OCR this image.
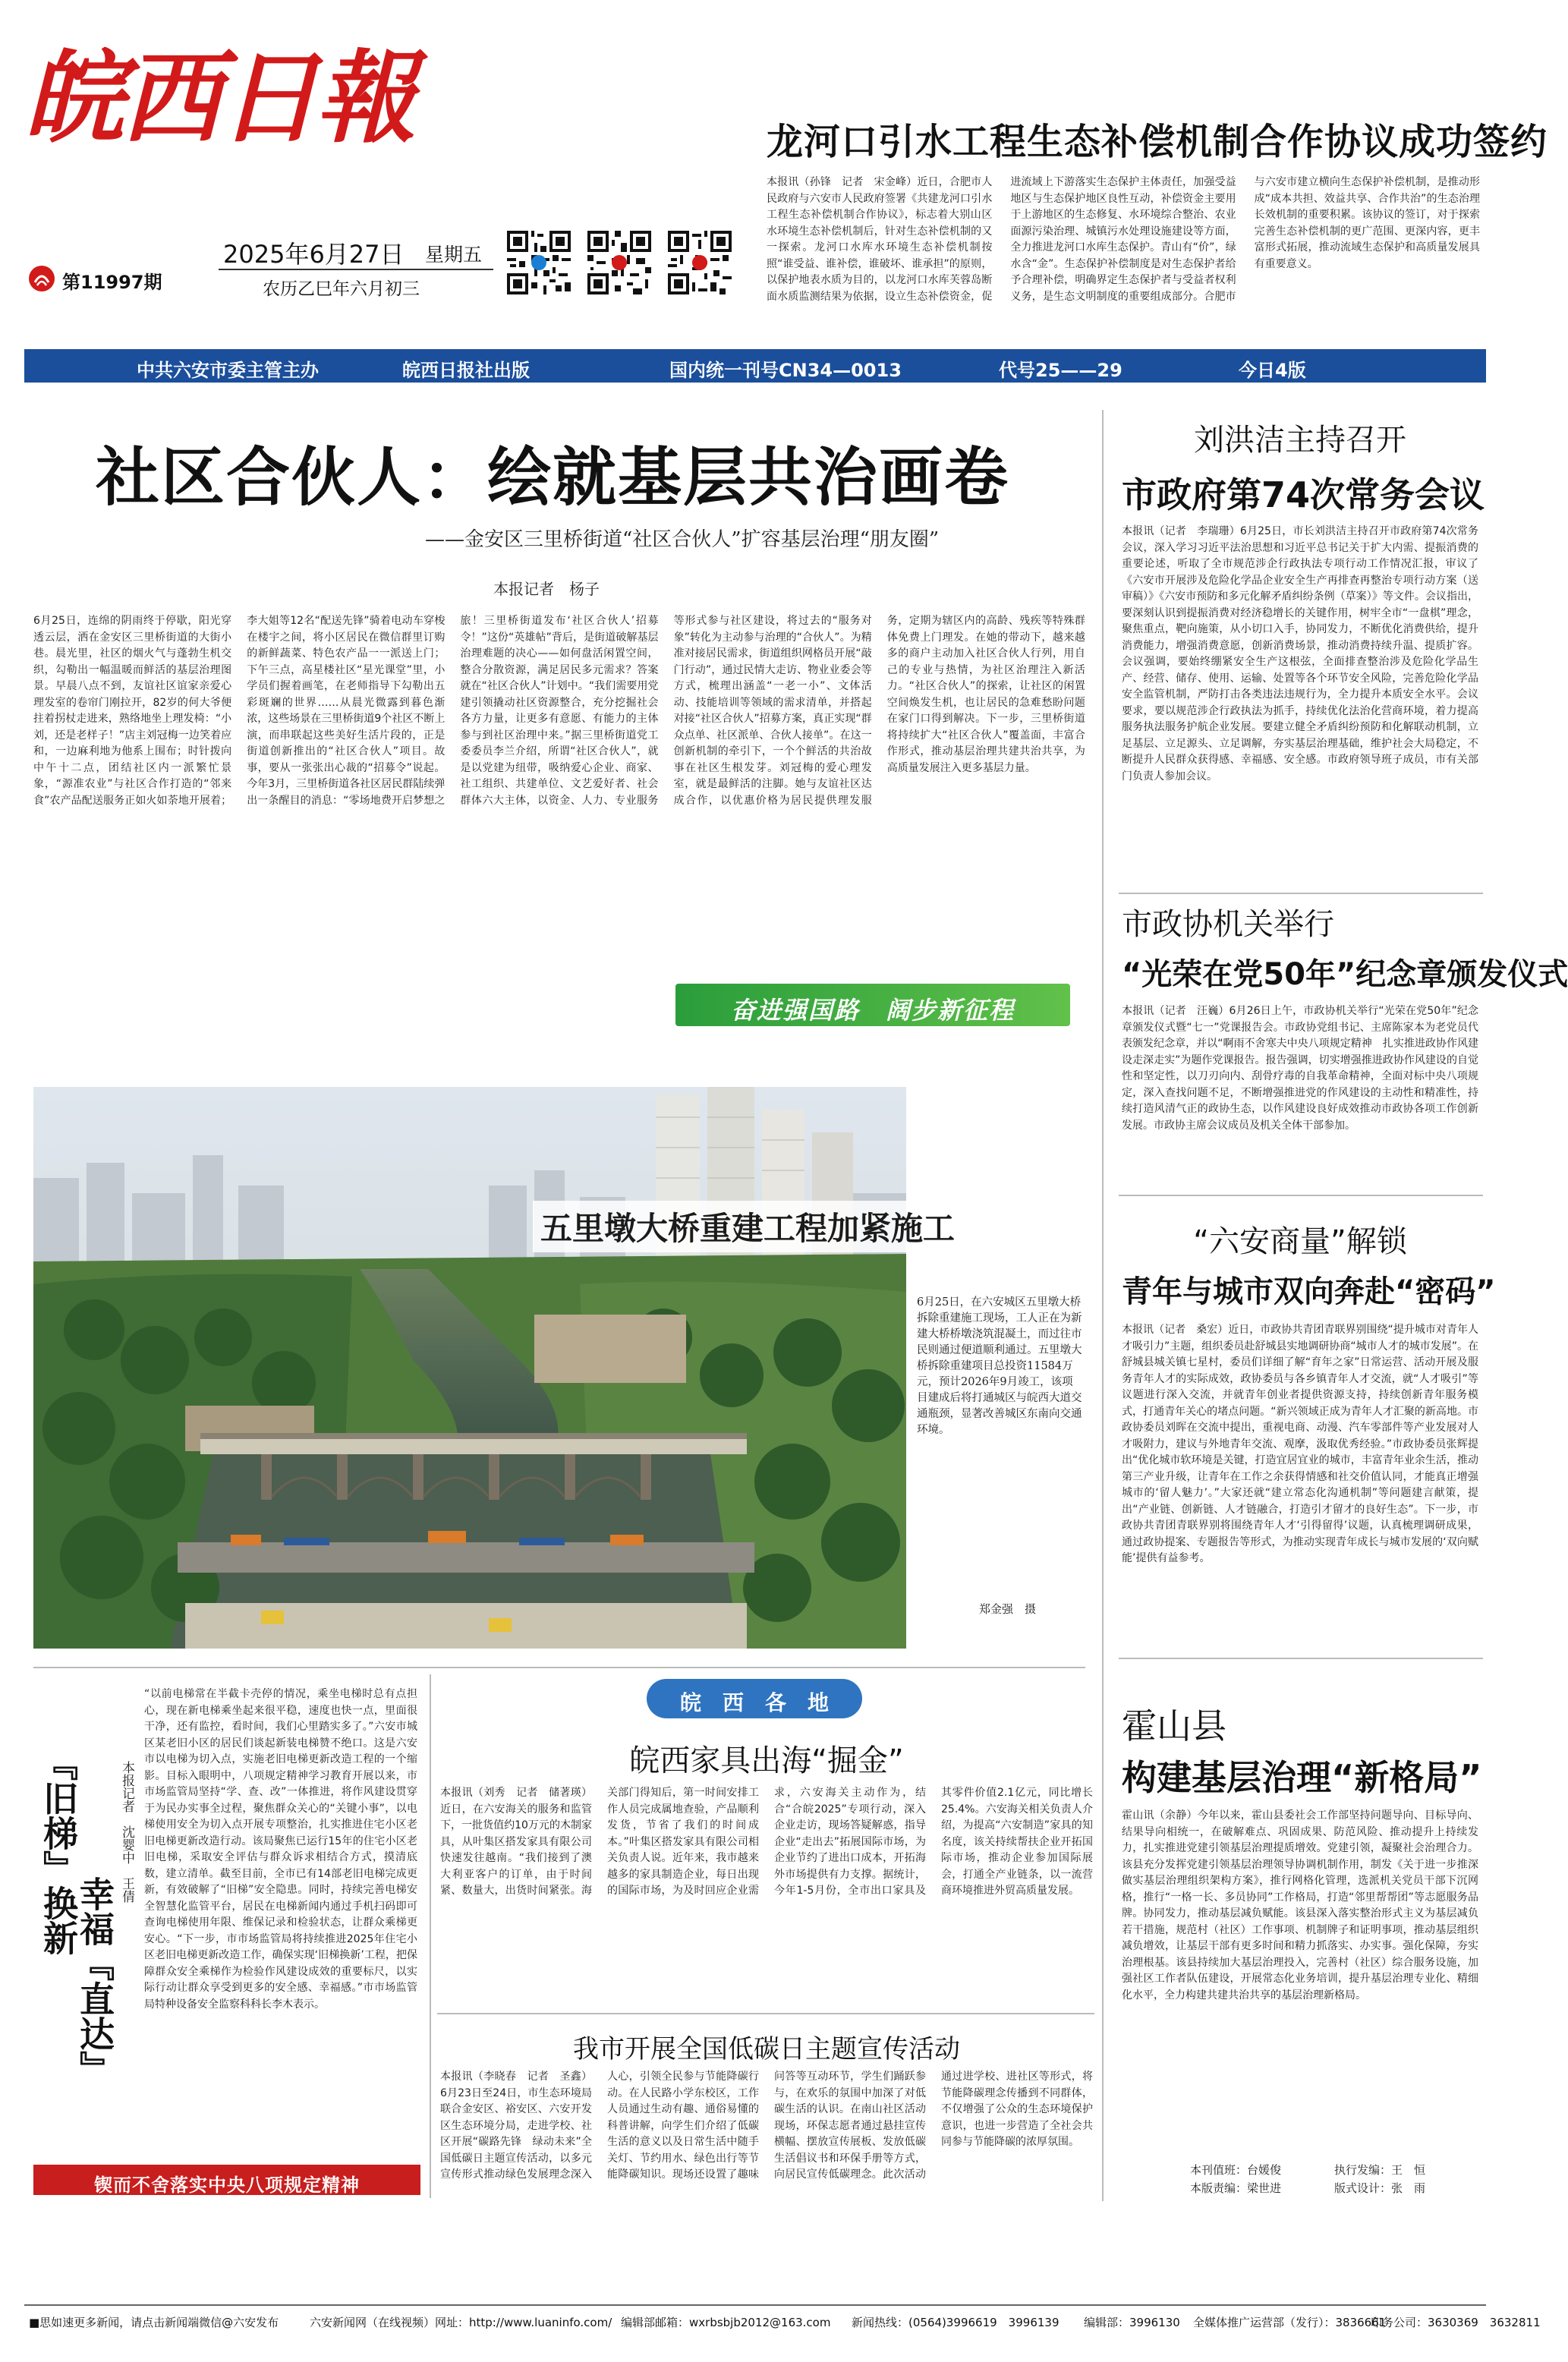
皖西日報
第11997期
2025年6月27日 星期五
农历乙巳年六月初三
龙河口引水工程生态补偿机制合作协议成功签约
本报讯（孙锋　记者　宋金峰）近日，合肥市人民政府与六安市人民政府签署《共建龙河口引水工程生态补偿机制合作协议》，标志着大别山区水环境生态补偿机制后，针对生态补偿机制的又一探索。龙河口水库水环境生态补偿机制按照“谁受益、谁补偿，谁破坏、谁承担”的原则，以保护地表水质为目的，以龙河口水库芙蓉岛断面水质监测结果为依据，设立生态补偿资金，促进流域上下游落实生态保护主体责任，加强受益地区与生态保护地区良性互动，补偿资金主要用于上游地区的生态修复、水环境综合整治、农业面源污染治理、城镇污水处理设施建设等方面，全力推进龙河口水库生态保护。青山有“价”，绿水含“金”。生态保护补偿制度是对生态保护者给予合理补偿，明确界定生态保护者与受益者权利义务，是生态文明制度的重要组成部分。合肥市与六安市建立横向生态保护补偿机制，是推动形成“成本共担、效益共享、合作共治”的生态治理长效机制的重要积累。该协议的签订，对于探索完善生态补偿机制的更广范围、更深内容，更丰富形式拓展，推动流域生态保护和高质量发展具有重要意义。
中共六安市委主管主办	皖西日报社出版	国内统一刊号CN34—0013	代号25——29	今日4版
社区合伙人：绘就基层共治画卷
——金安区三里桥街道“社区合伙人”扩容基层治理“朋友圈”
本报记者　杨子
6月25日，连绵的阴雨终于停歇，阳光穿透云层，洒在金安区三里桥街道的大街小巷。晨光里，社区的烟火气与蓬勃生机交织，勾勒出一幅温暖而鲜活的基层治理图景。早晨八点不到，友谊社区谊家亲爱心理发室的卷帘门刚拉开，82岁的何大爷便拄着拐杖走进来，熟络地坐上理发椅：“小刘，还是老样子！”店主刘冠梅一边笑着应和，一边麻利地为他系上围布；时针拨向中午十二点，团结社区内一派繁忙景象，“源准农业”与社区合作打造的“邻来食”农产品配送服务正如火如荼地开展着；李大姐等12名“配送先锋”骑着电动车穿梭在楼宇之间，将小区居民在微信群里订购的新鲜蔬菜、特色农产品一一派送上门；下午三点，高星楼社区“星光课堂”里，小学员们握着画笔，在老师指导下勾勒出五彩斑斓的世界……从晨光微露到暮色渐浓，这些场景在三里桥街道9个社区不断上演，而串联起这些美好生活片段的，正是街道创新推出的“社区合伙人”项目。故事，要从一张张出心裁的“招募令”说起。今年3月，三里桥街道各社区居民群陆续弹出一条醒目的消息：“零场地费开启梦想之旅！三里桥街道发布‘社区合伙人’招募令！”这份“英雄帖”背后，是街道破解基层治理难题的决心——如何盘活闲置空间，整合分散资源，满足居民多元需求？答案就在“社区合伙人”计划中。“我们需要用党建引领撬动社区资源整合，充分挖掘社会各方力量，让更多有意愿、有能力的主体参与到社区治理中来。”据三里桥街道党工委委员李兰介绍，所谓“社区合伙人”，就是以党建为纽带，吸纳爱心企业、商家、社工组织、共建单位、文艺爱好者、社会群体六大主体，以资金、人力、专业服务等形式参与社区建设，将过去的“服务对象”转化为主动参与治理的“合伙人”。为精准对接居民需求，街道组织网格员开展“敲门行动”，通过民情大走访、物业业委会等方式，梳理出涵盖“一老一小”、文体活动、技能培训等领域的需求清单，并搭起对接“社区合伙人”招募方案，真正实现“群众点单、社区派单、合伙人接单”。在这一创新机制的牵引下，一个个鲜活的共治故事在社区生根发芽。刘冠梅的爱心理发室，就是最鲜活的注脚。她与友谊社区达成合作，以优惠价格为居民提供理发服务，定期为辖区内的高龄、残疾等特殊群体免费上门理发。在她的带动下，越来越多的商户主动加入社区合伙人行列，用自己的专业与热情，为社区治理注入新活力。“社区合伙人”的探索，让社区的闲置空间焕发生机，也让居民的急难愁盼问题在家门口得到解决。下一步，三里桥街道将持续扩大“社区合伙人”覆盖面，丰富合作形式，推动基层治理共建共治共享，为高质量发展注入更多基层力量。
奋进强国路　阔步新征程
五里墩大桥重建工程加紧施工
6月25日，在六安城区五里墩大桥拆除重建施工现场，工人正在为新建大桥桥墩浇筑混凝土，而过往市民则通过便道顺利通过。五里墩大桥拆除重建项目总投资11584万元，预计2026年9月竣工，该项目建成后将打通城区与皖西大道交通瓶颈，显著改善城区东南向交通环境。
郑金强　摄
刘洪洁主持召开
市政府第74次常务会议
本报讯（记者　李瑞珊）6月25日，市长刘洪洁主持召开市政府第74次常务会议，深入学习习近平法治思想和习近平总书记关于扩大内需、提振消费的重要论述，听取了全市规范涉企行政执法专项行动工作情况汇报，审议了《六安市开展涉及危险化学品企业安全生产再排查再整治专项行动方案（送审稿）》《六安市预防和多元化解矛盾纠纷条例（草案）》等文件。会议指出，要深刻认识到提振消费对经济稳增长的关键作用，树牢全市“一盘棋”理念，聚焦重点，靶向施策，从小切口入手，协同发力，不断优化消费供给，提升消费能力，增强消费意愿，创新消费场景，推动消费持续升温、提质扩容。会议强调，要始终绷紧安全生产这根弦，全面排查整治涉及危险化学品生产、经营、储存、使用、运输、处置等各个环节安全风险，完善危险化学品安全监管机制，严防打击各类违法违规行为，全力提升本质安全水平。会议要求，要以规范涉企行政执法为抓手，持续优化法治化营商环境，着力提高服务执法服务护航企业发展。要建立健全矛盾纠纷预防和化解联动机制，立足基层、立足源头、立足调解，夯实基层治理基础，维护社会大局稳定，不断提升人民群众获得感、幸福感、安全感。市政府领导班子成员，市有关部门负责人参加会议。
市政协机关举行
“光荣在党50年”纪念章颁发仪式
本报讯（记者　汪巍）6月26日上午，市政协机关举行“光荣在党50年”纪念章颁发仪式暨“七一”党课报告会。市政协党组书记、主席陈家本为老党员代表颁发纪念章，并以“啊雨不舍寒夫中央八项规定精神　扎实推进政协作风建设走深走实”为题作党课报告。报告强调，切实增强推进政协作风建设的自觉性和坚定性，以刀刃向内、刮骨疗毒的自我革命精神，全面对标中央八项规定，深入查找问题不足，不断增强推进党的作风建设的主动性和精准性，持续打造风清气正的政协生态，以作风建设良好成效推动市政协各项工作创新发展。市政协主席会议成员及机关全体干部参加。
“六安商量”解锁
青年与城市双向奔赴“密码”
本报讯（记者　桑宏）近日，市政协共青团青联界别围绕“提升城市对青年人才吸引力”主题，组织委员赴舒城县实地调研协商“城市人才的城市发展”。在舒城县城关镇七星村，委员们详细了解“育年之家”日常运营、活动开展及服务青年人才的实际成效，政协委员与各乡镇青年人才交流，就“人才吸引”等议题进行深入交流，并就青年创业者提供资源支持，持续创新青年服务模式，打通青年关心的堵点问题。“新兴领域正成为青年人才汇聚的新高地。市政协委员刘晖在交流中提出，重视电商、动漫、汽车零部件等产业发展对人才吸附力，建议与外地青年交流、观摩，汲取优秀经验。”市政协委员张辉提出“优化城市软环境是关键，打造宜居宜业的城市，丰富青年业余生活，推动第三产业升级，让青年在工作之余获得情感和社交价值认同，才能真正增强城市的‘留人魅力’。”大家还就“建立常态化沟通机制”等问题建言献策，提出“产业链、创新链、人才链融合，打造引才留才的良好生态”。下一步，市政协共青团青联界别将围绕青年人才‘引得留得’议题，认真梳理调研成果，通过政协提案、专题报告等形式，为推动实现青年成长与城市发展的‘双向赋能’提供有益参考。
霍山县
构建基层治理“新格局”
霍山讯（余静）今年以来，霍山县委社会工作部坚持问题导向、目标导向、结果导向相统一，在破解难点、巩固成果、防范风险、推动提升上持续发力，扎实推进党建引领基层治理提质增效。党建引领，凝聚社会治理合力。该县充分发挥党建引领基层治理领导协调机制作用，制发《关于进一步推深做实基层治理组织架构方案》，推行网格化管理，选派机关党员干部下沉网格，推行“一格一长、多员协同”工作格局，打造“邻里帮帮团”等志愿服务品牌。协同发力，推动基层减负赋能。该县深入落实整治形式主义为基层减负若干措施，规范村（社区）工作事项、机制牌子和证明事项，推动基层组织减负增效，让基层干部有更多时间和精力抓落实、办实事。强化保障，夯实治理根基。该县持续加大基层治理投入，完善村（社区）综合服务设施，加强社区工作者队伍建设，开展常态化业务培训，提升基层治理专业化、精细化水平，全力构建共建共治共享的基层治理新格局。
本刊值班：台媛俊
本版责编：梁世进
执行发编：王　恒
版式设计：张　雨
『旧梯』换新
幸福『直达』
本报记者　沈婴中　王倩
“以前电梯常在半截卡壳停的情况，乘坐电梯时总有点担心，现在新电梯乘坐起来很平稳，速度也快一点，里面很干净，还有监控，看时间，我们心里踏实多了。”六安市城区某老旧小区的居民们谈起新装电梯赞不绝口。这是六安市以电梯为切入点，实施老旧电梯更新改造工程的一个缩影。目标入眼明中，八项规定精神学习教育开展以来，市市场监管局坚持“学、查、改”一体推进，将作风建设贯穿于为民办实事全过程，聚焦群众关心的“关键小事”，以电梯使用安全为切入点开展专项整治，扎实推进住宅小区老旧电梯更新改造行动。该局聚焦已运行15年的住宅小区老旧电梯，采取安全评估与群众诉求相结合方式，摸清底数，建立清单。截至目前，全市已有14部老旧电梯完成更新，有效破解了“旧梯”安全隐患。同时，持续完善电梯安全智慧化监管平台，居民在电梯新闻内通过手机扫码即可查询电梯使用年限、维保记录和检验状态，让群众乘梯更安心。“下一步，市市场监管局将持续推进2025年住宅小区老旧电梯更新改造工作，确保实现‘旧梯换新’工程，把保障群众安全乘梯作为检验作风建设成效的重要标尺，以实际行动让群众享受到更多的安全感、幸福感。”市市场监管局特种设备安全监察科科长李木表示。
锲而不舍落实中央八项规定精神
皖　西　各　地
皖西家具出海“掘金”
本报讯（刘秀　记者　储著瑛）近日，在六安海关的服务和监管下，一批货值约10万元的木制家具，从叶集区搭发家具有限公司快速发往越南。“我们接到了澳大利亚客户的订单，由于时间紧、数量大，出货时间紧张。海关部门得知后，第一时间安排工作人员完成属地查验，产品顺利发货，节省了我们的时间成本。”叶集区搭发家具有限公司相关负责人说。近年来，我市越来越多的家具制造企业，每日出现的国际市场，为及时回应企业需求，六安海关主动作为，结合“合皖2025”专项行动，深入企业走访，现场答疑解惑，指导企业“走出去”拓展国际市场，为企业节约了进出口成本，开拓海外市场提供有力支撑。据统计，今年1-5月份，全市出口家具及其零件价值2.1亿元，同比增长25.4%。六安海关相关负责人介绍，为提高“六安制造”家具的知名度，该关持续帮扶企业开拓国际市场，推动企业参加国际展会，打通全产业链条，以一流营商环境推进外贸高质量发展。
我市开展全国低碳日主题宣传活动
本报讯（李晓春　记者　圣鑫）6月23日至24日，市生态环境局联合金安区、裕安区、六安开发区生态环境分局，走进学校、社区开展“碳路先锋　绿动未来”全国低碳日主题宣传活动，以多元宣传形式推动绿色发展理念深入人心，引领全民参与节能降碳行动。在人民路小学东校区，工作人员通过生动有趣、通俗易懂的科普讲解，向学生们介绍了低碳生活的意义以及日常生活中随手关灯、节约用水、绿色出行等节能降碳知识。现场还设置了趣味问答等互动环节，学生们踊跃参与，在欢乐的氛围中加深了对低碳生活的认识。在南山社区活动现场，环保志愿者通过悬挂宣传横幅、摆放宣传展板、发放低碳生活倡议书和环保手册等方式，向居民宣传低碳理念。此次活动通过进学校、进社区等形式，将节能降碳理念传播到不同群体，不仅增强了公众的生态环境保护意识，也进一步营造了全社会共同参与节能降碳的浓厚氛围。
■思如速更多新闻，请点击新闻端微信@六安发布	六安新闻网（在线视频）网址：http://www.luaninfo.com/ 编辑部邮箱：wxrbsbjb2012@163.com 新闻热线：(0564)3996619　3996139 编辑部：3996130 全媒体推广运营部（发行）：3836661
印务公司：3630369　3632811
